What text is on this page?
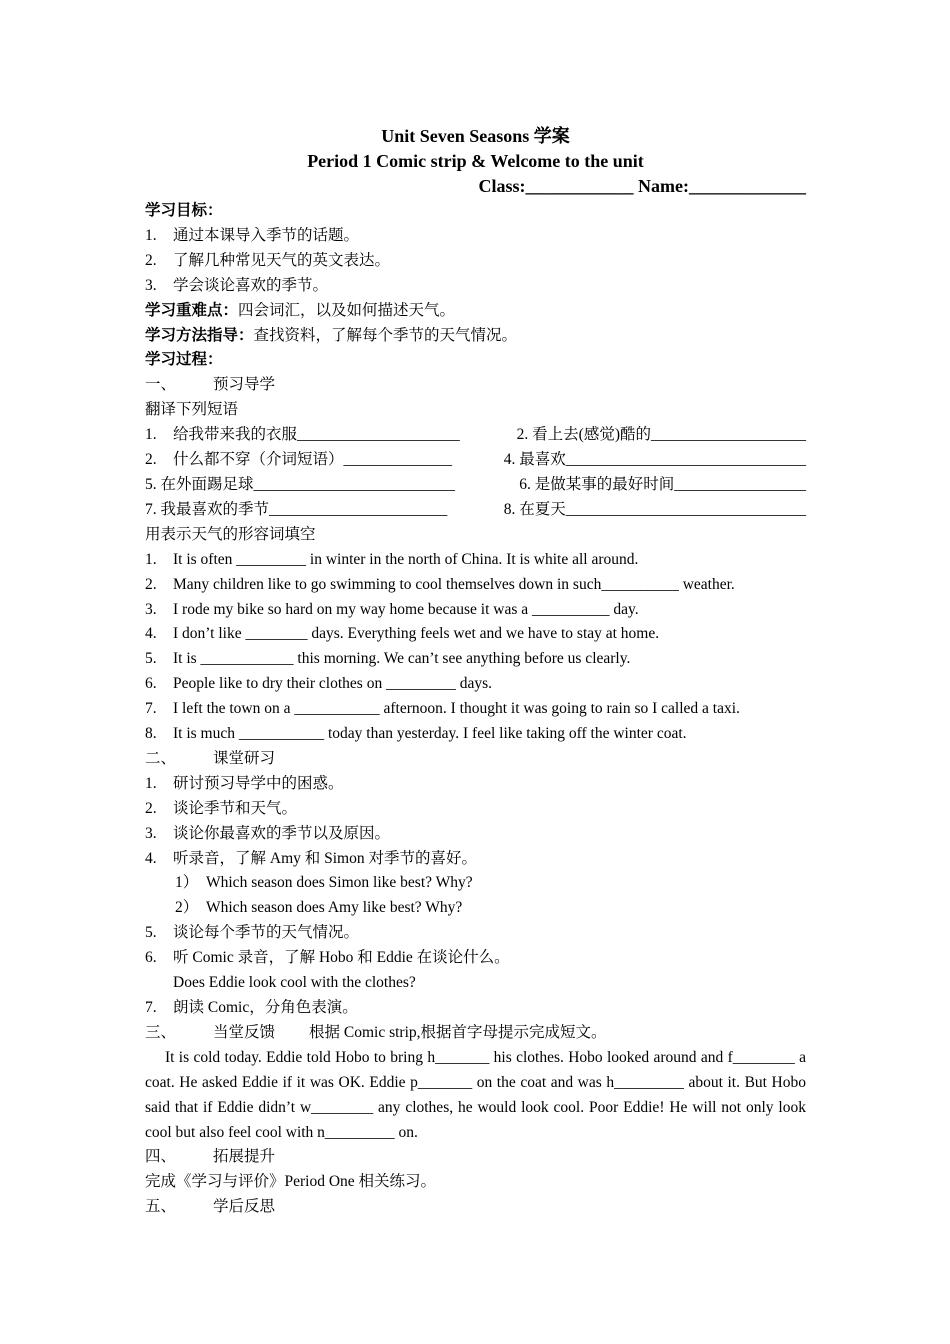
Unit Seven Seasons 学案
Period 1 Comic strip & Welcome to the unit
Class:____________ Name:_____________
学习目标：
1. 通过本课导入季节的话题。
2. 了解几种常见天气的英文表达。
3. 学会谈论喜欢的季节。
学习重难点：四会词汇，以及如何描述天气。
学习方法指导：查找资料，了解每个季节的天气情况。
学习过程：
一、 预习导学
翻译下列短语
1. 给我带来我的衣服_____________________	2. 看上去(感觉)酷的____________________
2. 什么都不穿（介词短语）______________	4. 最喜欢_______________________________
5. 在外面踢足球__________________________	6. 是做某事的最好时间_________________
7. 我最喜欢的季节_______________________	8. 在夏天_______________________________
用表示天气的形容词填空
1. It is often _________ in winter in the north of China. It is white all around.
2. Many children like to go swimming to cool themselves down in such__________ weather.
3. I rode my bike so hard on my way home because it was a __________ day.
4. I don’t like ________ days. Everything feels wet and we have to stay at home.
5. It is ____________ this morning. We can’t see anything before us clearly.
6. People like to dry their clothes on _________ days.
7. I left the town on a ___________ afternoon. I thought it was going to rain so I called a taxi.
8. It is much ___________ today than yesterday. I feel like taking off the winter coat.
二、 课堂研习
1. 研讨预习导学中的困惑。
2. 谈论季节和天气。
3. 谈论你最喜欢的季节以及原因。
4. 听录音，了解 Amy 和 Simon 对季节的喜好。
1） Which season does Simon like best? Why?
2） Which season does Amy like best? Why?
5. 谈论每个季节的天气情况。
6. 听 Comic 录音，了解 Hobo 和 Eddie 在谈论什么。
Does Eddie look cool with the clothes?
7. 朗读 Comic，分角色表演。
三、 当堂反馈 根据 Comic strip,根据首字母提示完成短文。
It is cold today. Eddie told Hobo to bring h_______ his clothes. Hobo looked around and f________ a coat. He asked Eddie if it was OK. Eddie p_______ on the coat and was h_________ about it. But Hobo said that if Eddie didn’t w________ any clothes, he would look cool. Poor Eddie! He will not only look cool but also feel cool with n_________ on.
四、 拓展提升
完成《学习与评价》Period One 相关练习。
五、 学后反思
